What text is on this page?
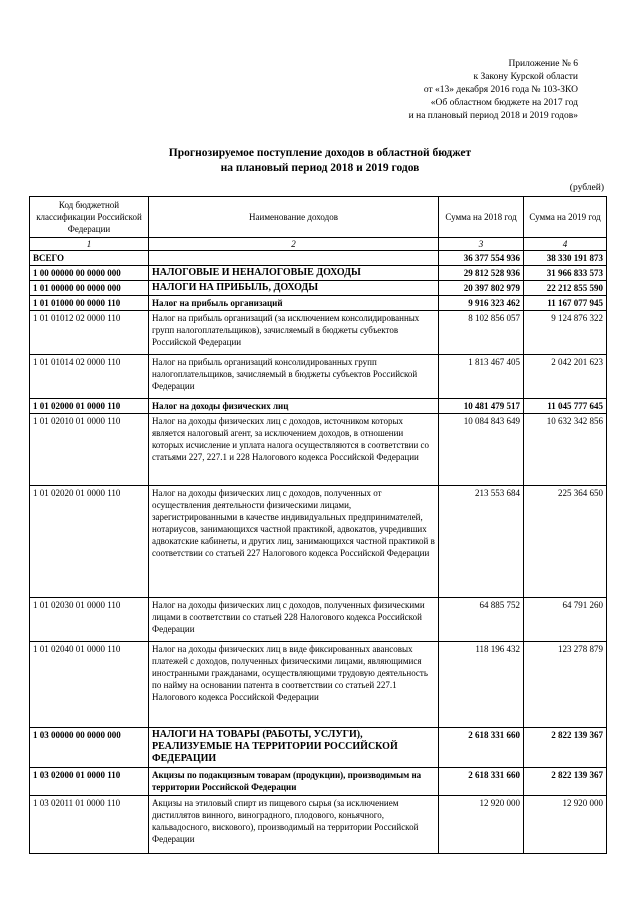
Приложение № 6
к Закону Курской области
от «13» декабря 2016 года № 103-ЗКО
«Об областном бюджете на 2017 год
и на плановый период 2018 и 2019 годов»
Прогнозируемое поступление доходов в областной бюджет
на плановый период 2018 и 2019 годов
(рублей)
Код бюджетной классификации Российской Федерации	Наименование доходов	Сумма на 2018 год	Сумма на 2019 год
1	2	3	4
ВСЕГО		36 377 554 936	38 330 191 873
1 00 00000 00 0000 000	НАЛОГОВЫЕ И НЕНАЛОГОВЫЕ ДОХОДЫ	29 812 528 936	31 966 833 573
1 01 00000 00 0000 000	НАЛОГИ НА ПРИБЫЛЬ, ДОХОДЫ	20 397 802 979	22 212 855 590
1 01 01000 00 0000 110	Налог на прибыль организаций	9 916 323 462	11 167 077 945
1 01 01012 02 0000 110	Налог на прибыль организаций (за исключением консолидированных групп налогоплательщиков), зачисляемый в бюджеты субъектов Российской Федерации	8 102 856 057	9 124 876 322
1 01 01014 02 0000 110	Налог на прибыль организаций консолидированных групп налогоплательщиков, зачисляемый в бюджеты субъектов Российской Федерации	1 813 467 405	2 042 201 623
1 01 02000 01 0000 110	Налог на доходы физических лиц	10 481 479 517	11 045 777 645
1 01 02010 01 0000 110	Налог на доходы физических лиц с доходов, источником которых является налоговый агент, за исключением доходов, в отношении которых исчисление и уплата налога осуществляются в соответствии со статьями 227, 227.1 и 228 Налогового кодекса Российской Федерации	10 084 843 649	10 632 342 856
1 01 02020 01 0000 110	Налог на доходы физических лиц с доходов, полученных от осуществления деятельности физическими лицами, зарегистрированными в качестве индивидуальных предпринимателей, нотариусов, занимающихся частной практикой, адвокатов, учредивших адвокатские кабинеты, и других лиц, занимающихся частной практикой в соответствии со статьей 227 Налогового кодекса Российской Федерации	213 553 684	225 364 650
1 01 02030 01 0000 110	Налог на доходы физических лиц с доходов, полученных физическими лицами в соответствии со статьей 228 Налогового кодекса Российской Федерации	64 885 752	64 791 260
1 01 02040 01 0000 110	Налог на доходы физических лиц в виде фиксированных авансовых платежей с доходов, полученных физическими лицами, являющимися иностранными гражданами, осуществляющими трудовую деятельность по найму на основании патента в соответствии со статьей 227.1 Налогового кодекса Российской Федерации	118 196 432	123 278 879
1 03 00000 00 0000 000	НАЛОГИ НА ТОВАРЫ (РАБОТЫ, УСЛУГИ), РЕАЛИЗУЕМЫЕ НА ТЕРРИТОРИИ РОССИЙСКОЙ ФЕДЕРАЦИИ	2 618 331 660	2 822 139 367
1 03 02000 01 0000 110	Акцизы по подакцизным товарам (продукции), производимым на территории Российской Федерации	2 618 331 660	2 822 139 367
1 03 02011 01 0000 110	Акцизы на этиловый спирт из пищевого сырья (за исключением дистиллятов винного, виноградного, плодового, коньячного, кальвадосного, вискового), производимый на территории Российской Федерации	12 920 000	12 920 000
